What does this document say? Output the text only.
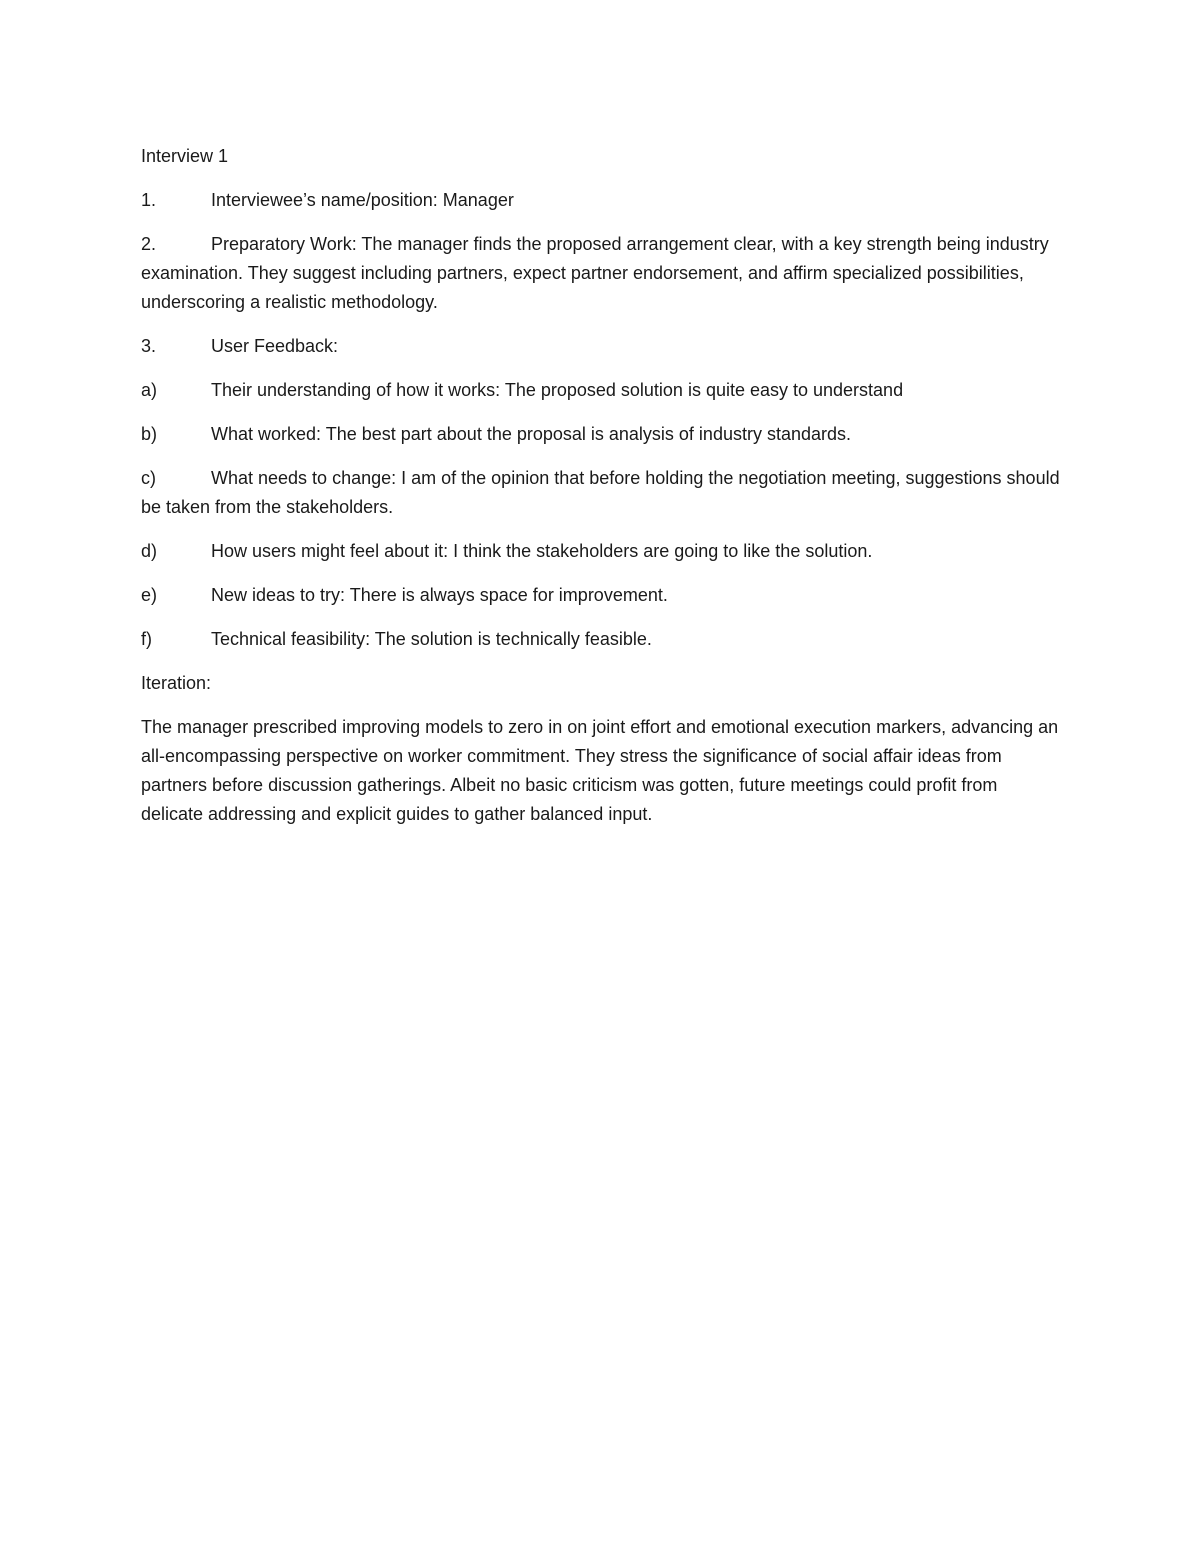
Interview 1

1.	Interviewee’s name/position: Manager

2.	Preparatory Work: The manager finds the proposed arrangement clear, with a key strength being industry examination. They suggest including partners, expect partner endorsement, and affirm specialized possibilities, underscoring a realistic methodology.

3.	User Feedback:

a)	Their understanding of how it works: The proposed solution is quite easy to understand

b)	What worked: The best part about the proposal is analysis of industry standards.

c)	What needs to change: I am of the opinion that before holding the negotiation meeting, suggestions should be taken from the stakeholders.

d)	How users might feel about it: I think the stakeholders are going to like the solution.

e)	New ideas to try: There is always space for improvement.

f)	Technical feasibility: The solution is technically feasible.

Iteration:

The manager prescribed improving models to zero in on joint effort and emotional execution markers, advancing an all-encompassing perspective on worker commitment. They stress the significance of social affair ideas from partners before discussion gatherings. Albeit no basic criticism was gotten, future meetings could profit from delicate addressing and explicit guides to gather balanced input.
